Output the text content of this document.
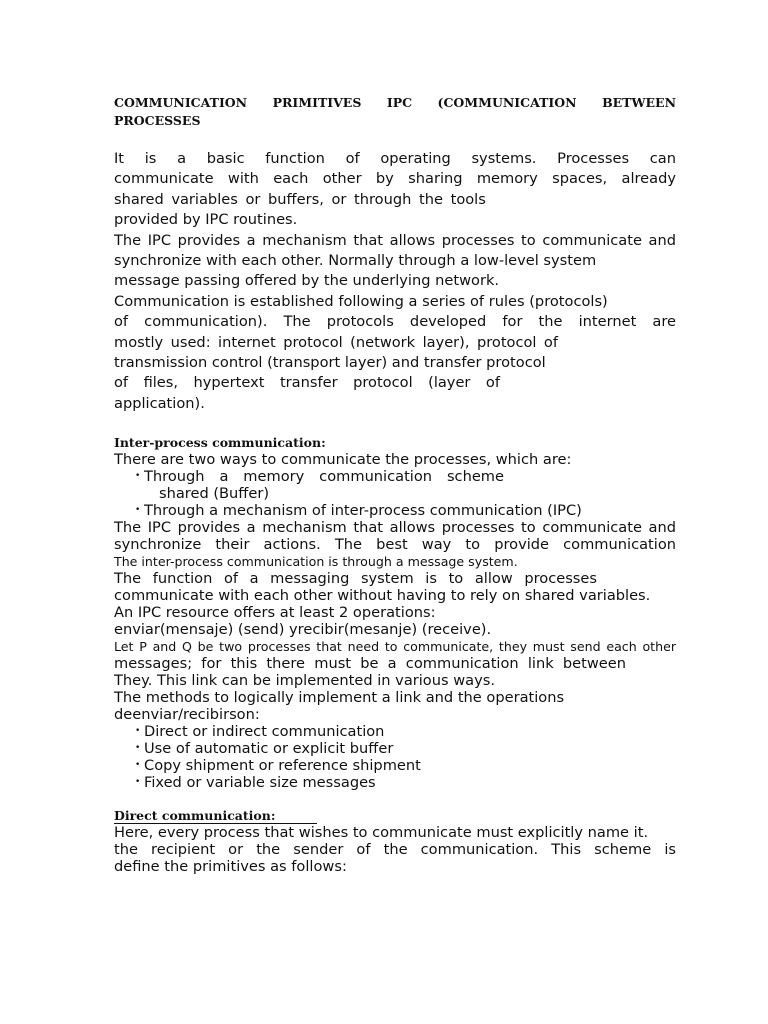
COMMUNICATION PRIMITIVES IPC (COMMUNICATION BETWEEN PROCESSES

It is a basic function of operating systems. Processes can
communicate with each other by sharing memory spaces, already
shared variables or buffers, or through the tools
provided by IPC routines.
The IPC provides a mechanism that allows processes to communicate and
synchronize with each other. Normally through a low-level system
message passing offered by the underlying network.
Communication is established following a series of rules (protocols)
of communication). The protocols developed for the internet are
mostly used: internet protocol (network layer), protocol of
transmission control (transport layer) and transfer protocol
of files, hypertext transfer protocol (layer of
application).

Inter-process communication:

There are two ways to communicate the processes, which are:

• Through a memory communication scheme
shared (Buffer)
• Through a mechanism of inter-process communication (IPC)

The IPC provides a mechanism that allows processes to communicate and
synchronize their actions. The best way to provide communication
The inter-process communication is through a message system.
The function of a messaging system is to allow processes
communicate with each other without having to rely on shared variables.
An IPC resource offers at least 2 operations:
enviar(mensaje) (send) yrecibir(mesanje) (receive).
Let P and Q be two processes that need to communicate, they must send each other
messages; for this there must be a communication link between
They. This link can be implemented in various ways.
The methods to logically implement a link and the operations
deenviar/recibirson:

• Direct or indirect communication
• Use of automatic or explicit buffer
• Copy shipment or reference shipment
• Fixed or variable size messages
Direct communication:

Here, every process that wishes to communicate must explicitly name it.
the recipient or the sender of the communication. This scheme is
define the primitives as follows:
